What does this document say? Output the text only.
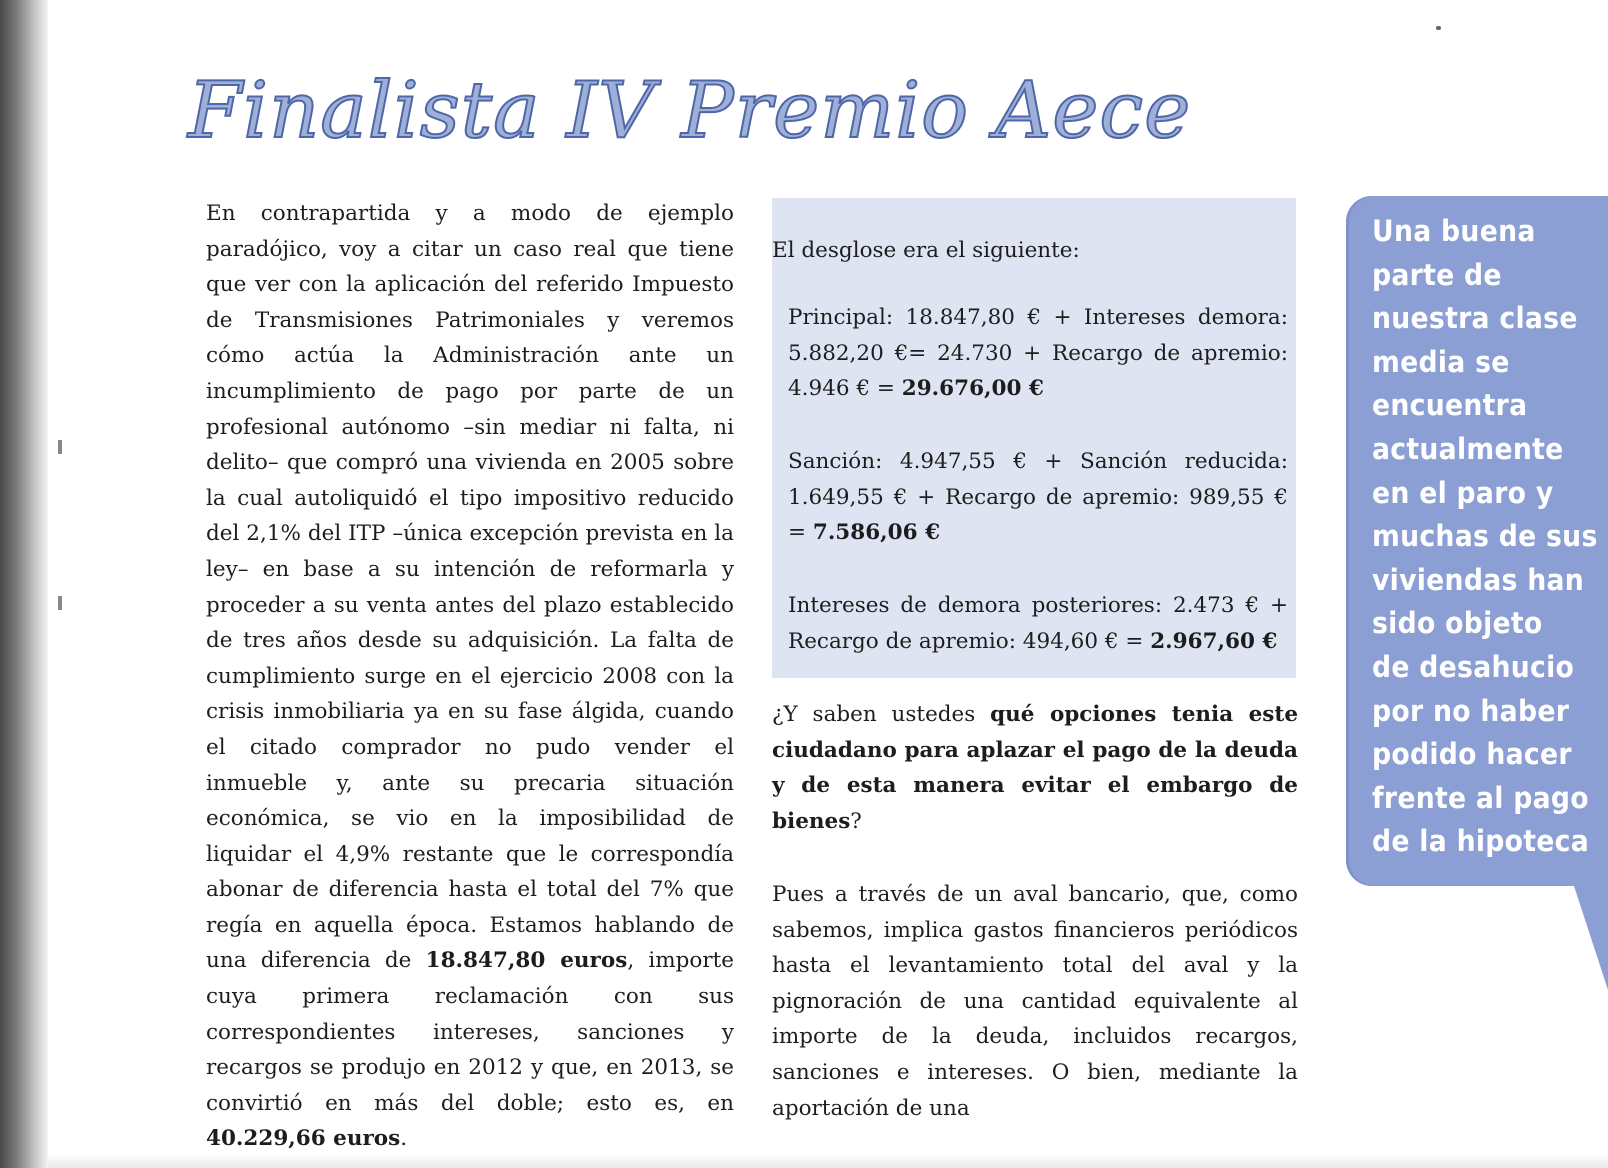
Finalista IV Premio Aece

En contrapartida y a modo de ejemplo paradójico, voy a citar un caso real que tiene que ver con la aplicación del referido Impuesto de Transmisiones Patrimoniales y veremos cómo actúa la Administración ante un incumplimiento de pago por parte de un profesional autónomo –sin mediar ni falta, ni delito– que compró una vivienda en 2005 sobre la cual autoliquidó el tipo impositivo reducido del 2,1% del ITP –única excepción prevista en la ley– en base a su intención de reformarla y proceder a su venta antes del plazo establecido de tres años desde su adquisición. La falta de cumplimiento surge en el ejercicio 2008 con la crisis inmobiliaria ya en su fase álgida, cuando el citado comprador no pudo vender el inmueble y, ante su precaria situación económica, se vio en la imposibilidad de liquidar el 4,9% restante que le correspondía abonar de diferencia hasta el total del 7% que regía en aquella época. Estamos hablando de una diferencia de 18.847,80 euros, importe cuya primera reclamación con sus correspondientes intereses, sanciones y recargos se produjo en 2012 y que, en 2013, se convirtió en más del doble; esto es, en 40.229,66 euros.

El desglose era el siguiente:

Principal: 18.847,80 € + Intereses demora: 5.882,20 €= 24.730 + Recargo de apremio: 4.946 € = 29.676,00 €

Sanción: 4.947,55 € + Sanción reducida: 1.649,55 € + Recargo de apremio: 989,55 € = 7.586,06 €

Intereses de demora posteriores: 2.473 € + Recargo de apremio: 494,60 € = 2.967,60 €

¿Y saben ustedes qué opciones tenia este ciudadano para aplazar el pago de la deuda y de esta manera evitar el embargo de bienes?

Pues a través de un aval bancario, que, como sabemos, implica gastos financieros periódicos hasta el levantamiento total del aval y la pignoración de una cantidad equivalente al importe de la deuda, incluidos recargos, sanciones e intereses. O bien, mediante la aportación de una

Una buena
parte de
nuestra clase
media se
encuentra
actualmente
en el paro y
muchas de sus
viviendas han
sido objeto
de desahucio
por no haber
podido hacer
frente al pago
de la hipoteca
